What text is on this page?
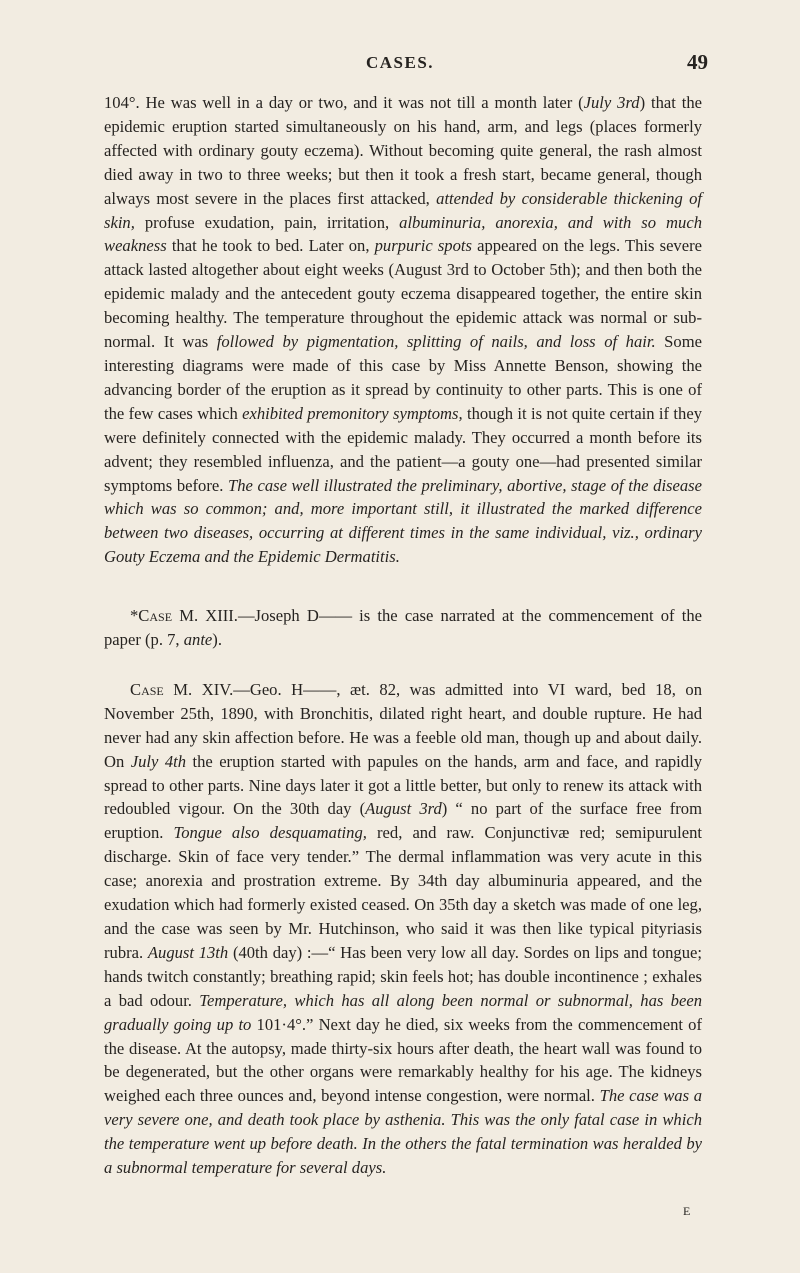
CASES.	49

104°. He was well in a day or two, and it was not till a month later (July 3rd) that the epidemic eruption started simultaneously on his hand, arm, and legs (places formerly affected with ordinary gouty eczema). Without becoming quite general, the rash almost died away in two to three weeks; but then it took a fresh start, became general, though always most severe in the places first attacked, attended by considerable thickening of skin, profuse exudation, pain, irritation, albuminuria, anorexia, and with so much weakness that he took to bed. Later on, purpuric spots appeared on the legs. This severe attack lasted altogether about eight weeks (August 3rd to October 5th); and then both the epidemic malady and the antecedent gouty eczema disappeared together, the entire skin becoming healthy. The temperature throughout the epidemic attack was normal or sub-normal. It was followed by pigmentation, splitting of nails, and loss of hair. Some interesting diagrams were made of this case by Miss Annette Benson, showing the advancing border of the eruption as it spread by continuity to other parts. This is one of the few cases which exhibited premonitory symptoms, though it is not quite certain if they were definitely connected with the epidemic malady. They occurred a month before its advent; they resembled influenza, and the patient—a gouty one—had presented similar symptoms before. The case well illustrated the preliminary, abortive, stage of the disease which was so common; and, more important still, it illustrated the marked difference between two diseases, occurring at different times in the same individual, viz., ordinary Gouty Eczema and the Epidemic Dermatitis.

*Case M. XIII.—Joseph D—— is the case narrated at the commencement of the paper (p. 7, ante).

Case M. XIV.—Geo. H——, æt. 82, was admitted into VI ward, bed 18, on November 25th, 1890, with Bronchitis, dilated right heart, and double rupture. He had never had any skin affection before. He was a feeble old man, though up and about daily. On July 4th the eruption started with papules on the hands, arm and face, and rapidly spread to other parts. Nine days later it got a little better, but only to renew its attack with redoubled vigour. On the 30th day (August 3rd) “ no part of the surface free from eruption. Tongue also desquamating, red, and raw. Conjunctivæ red; semipurulent discharge. Skin of face very tender.” The dermal inflammation was very acute in this case; anorexia and prostration extreme. By 34th day albuminuria appeared, and the exudation which had formerly existed ceased. On 35th day a sketch was made of one leg, and the case was seen by Mr. Hutchinson, who said it was then like typical pityriasis rubra. August 13th (40th day) :—“ Has been very low all day. Sordes on lips and tongue; hands twitch constantly; breathing rapid; skin feels hot; has double incontinence ; exhales a bad odour. Temperature, which has all along been normal or subnormal, has been gradually going up to 101·4°.” Next day he died, six weeks from the commencement of the disease. At the autopsy, made thirty-six hours after death, the heart wall was found to be degenerated, but the other organs were remarkably healthy for his age. The kidneys weighed each three ounces and, beyond intense congestion, were normal. The case was a very severe one, and death took place by asthenia. This was the only fatal case in which the temperature went up before death. In the others the fatal termination was heralded by a subnormal temperature for several days.

E
